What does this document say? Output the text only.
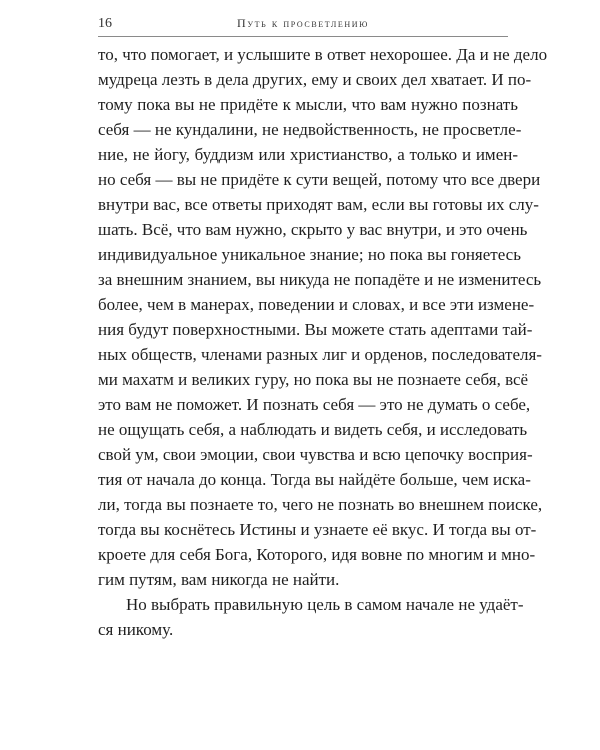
16	Путь к просветлению
то, что помогает, и услышите в ответ нехорошее. Да и не дело
мудреца лезть в дела других, ему и своих дел хватает. И по-
тому пока вы не придёте к мысли, что вам нужно познать
себя — не кундалини, не недвойственность, не просветле-
ние, не йогу, буддизм или христианство, а только и имен-
но себя — вы не придёте к сути вещей, потому что все двери
внутри вас, все ответы приходят вам, если вы готовы их слу-
шать. Всё, что вам нужно, скрыто у вас внутри, и это очень
индивидуальное уникальное знание; но пока вы гоняетесь
за внешним знанием, вы никуда не попадёте и не изменитесь
более, чем в манерах, поведении и словах, и все эти измене-
ния будут поверхностными. Вы можете стать адептами тай-
ных обществ, членами разных лиг и орденов, последователя-
ми махатм и великих гуру, но пока вы не познаете себя, всё
это вам не поможет. И познать себя — это не думать о себе,
не ощущать себя, а наблюдать и видеть себя, и исследовать
свой ум, свои эмоции, свои чувства и всю цепочку восприя-
тия от начала до конца. Тогда вы найдёте больше, чем иска-
ли, тогда вы познаете то, чего не познать во внешнем поиске,
тогда вы коснётесь Истины и узнаете её вкус. И тогда вы от-
кроете для себя Бога, Которого, идя вовне по многим и мно-
гим путям, вам никогда не найти.
Но выбрать правильную цель в самом начале не удаёт-
ся никому.
